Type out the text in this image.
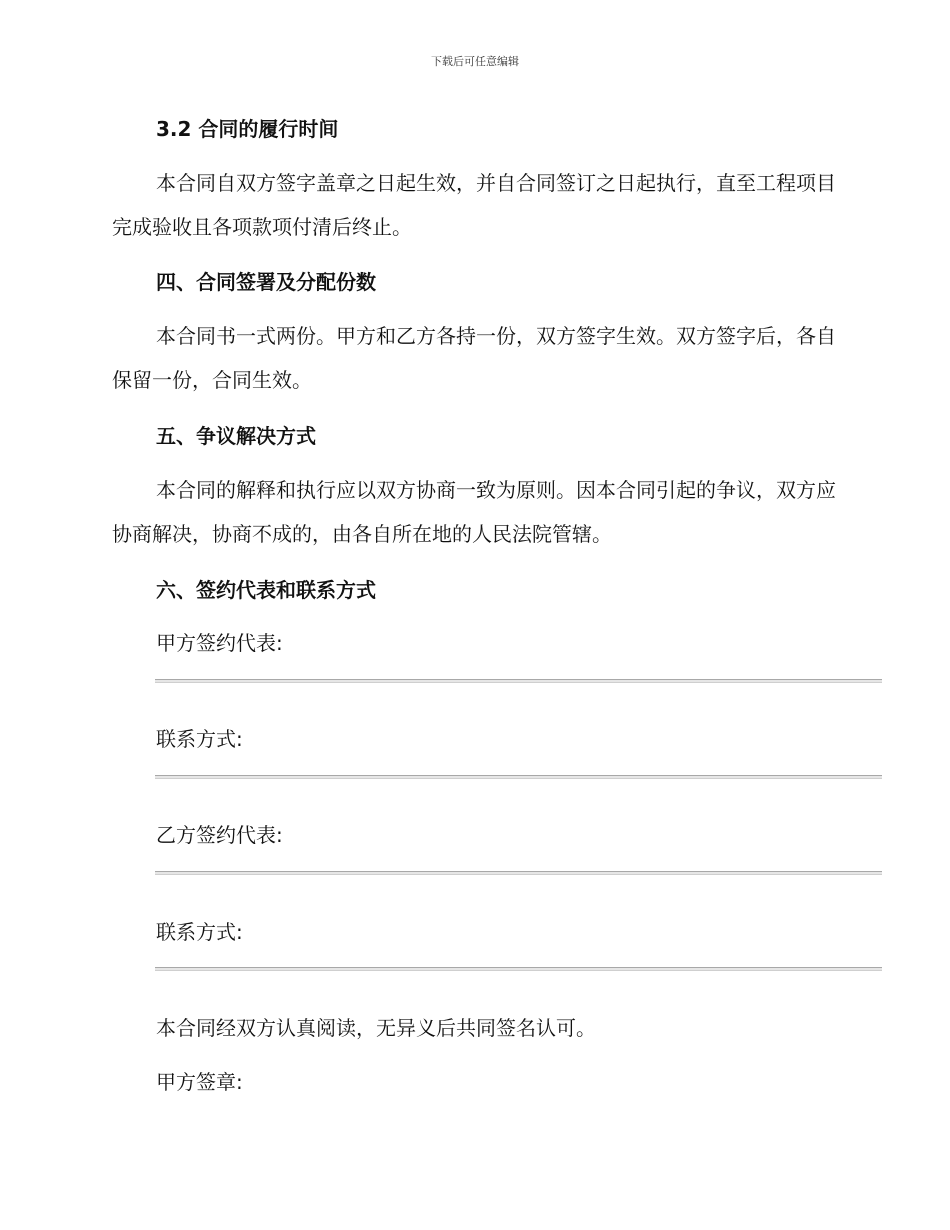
下载后可任意编辑
3.2 合同的履行时间
本合同自双方签字盖章之日起生效，并自合同签订之日起执行，直至工程项目完成验收且各项款项付清后终止。
四、合同签署及分配份数
本合同书一式两份。甲方和乙方各持一份，双方签字生效。双方签字后，各自保留一份，合同生效。
五、争议解决方式
本合同的解释和执行应以双方协商一致为原则。因本合同引起的争议，双方应协商解决，协商不成的，由各自所在地的人民法院管辖。
六、签约代表和联系方式
甲方签约代表:
联系方式:
乙方签约代表:
联系方式:
本合同经双方认真阅读，无异义后共同签名认可。
甲方签章:
